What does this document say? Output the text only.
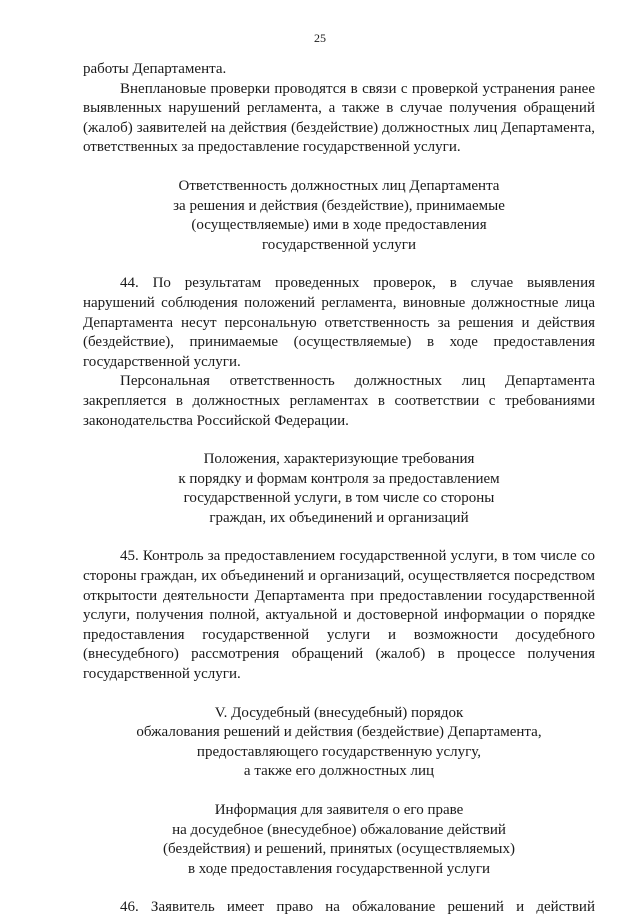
25

работы Департамента.

Внеплановые проверки проводятся в связи с проверкой устранения ранее выявленных нарушений регламента, а также в случае получения обращений (жалоб) заявителей на действия (бездействие) должностных лиц Департамента, ответственных за предоставление государственной услуги.

Ответственность должностных лиц Департамента
за решения и действия (бездействие), принимаемые
(осуществляемые) ими в ходе предоставления
государственной услуги

44. По результатам проведенных проверок, в случае выявления нарушений соблюдения положений регламента, виновные должностные лица Департамента несут персональную ответственность за решения и действия (бездействие), принимаемые (осуществляемые) в ходе предоставления государственной услуги.

Персональная ответственность должностных лиц Департамента закрепляется в должностных регламентах в соответствии с требованиями законодательства Российской Федерации.

Положения, характеризующие требования
к порядку и формам контроля за предоставлением
государственной услуги, в том числе со стороны
граждан, их объединений и организаций

45. Контроль за предоставлением государственной услуги, в том числе со стороны граждан, их объединений и организаций, осуществляется посредством открытости деятельности Департамента при предоставлении государственной услуги, получения полной, актуальной и достоверной информации о порядке предоставления государственной услуги и возможности досудебного (внесудебного) рассмотрения обращений (жалоб) в процессе получения государственной услуги.

V. Досудебный (внесудебный) порядок
обжалования решений и действия (бездействие) Департамента,
предоставляющего государственную услугу,
а также его должностных лиц
Информация для заявителя о его праве
на досудебное (внесудебное) обжалование действий
(бездействия) и решений, принятых (осуществляемых)
в ходе предоставления государственной услуги

46. Заявитель имеет право на обжалование решений и действий
